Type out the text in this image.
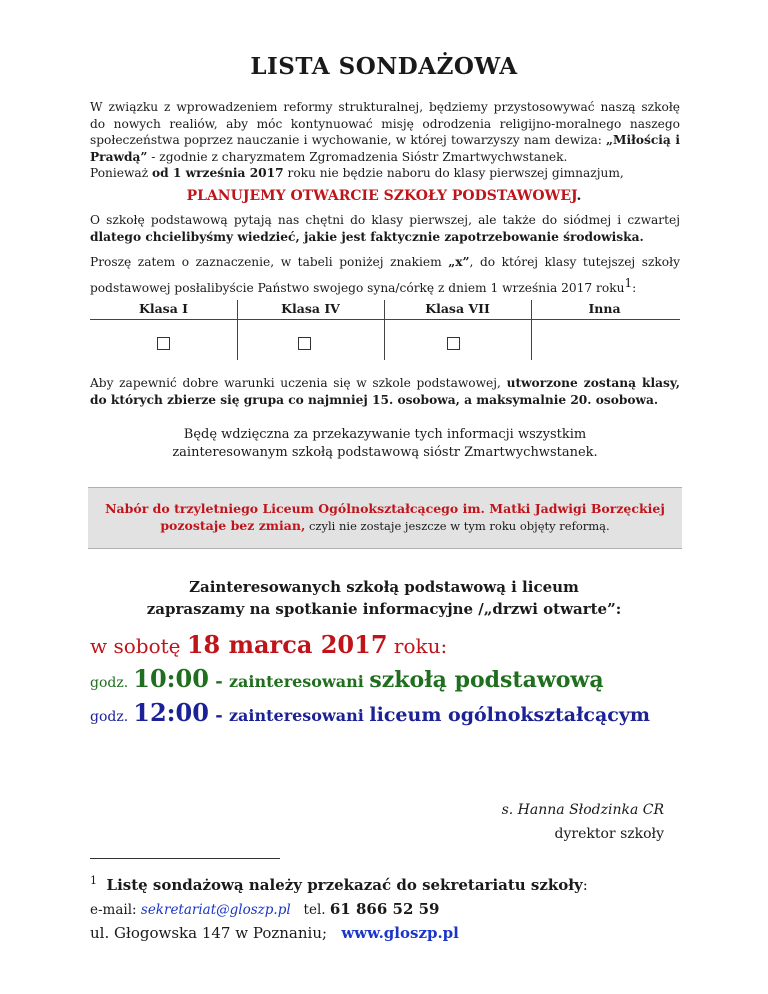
LISTA SONDAŻOWA
W związku z wprowadzeniem reformy strukturalnej, będziemy przystosowywać naszą szkołę do nowych realiów, aby móc kontynuować misję odrodzenia religijno-moralnego naszego społeczeństwa poprzez nauczanie i wychowanie, w której towarzyszy nam dewiza: „Miłością i Prawdą” - zgodnie z charyzmatem Zgromadzenia Sióstr Zmartwychwstanek.
Ponieważ od 1 września 2017 roku nie będzie naboru do klasy pierwszej gimnazjum,
PLANUJEMY OTWARCIE SZKOŁY PODSTAWOWEJ.
O szkołę podstawową pytają nas chętni do klasy pierwszej, ale także do siódmej i czwartej dlatego chcielibyśmy wiedzieć, jakie jest faktycznie zapotrzebowanie środowiska.
Proszę zatem o zaznaczenie, w tabeli poniżej znakiem „x”, do której klasy tutejszej szkoły podstawowej posłalibyście Państwo swojego syna/córkę z dniem 1 września 2017 roku$^1$:
Klasa I	Klasa IV	Klasa VII	Inna
Aby zapewnić dobre warunki uczenia się w szkole podstawowej, utworzone zostaną klasy, do których zbierze się grupa co najmniej 15. osobowa, a maksymalnie 20. osobowa.
Będę wdzięczna za przekazywanie tych informacji wszystkim
zainteresowanym szkołą podstawową sióstr Zmartwychwstanek.
Nabór do trzyletniego Liceum Ogólnokształcącego im. Matki Jadwigi Borzęckiej
pozostaje bez zmian, czyli nie zostaje jeszcze w tym roku objęty reformą.
Zainteresowanych szkołą podstawową i liceum
zapraszamy na spotkanie informacyjne /„drzwi otwarte”:
w sobotę 18 marca 2017 roku:
godz. 10:00 - zainteresowani szkołą podstawową
godz. 12:00 - zainteresowani liceum ogólnokształcącym
s. Hanna Słodzinka CR
dyrektor szkoły
$^1$ Listę sondażową należy przekazać do sekretariatu szkoły:
e-mail: sekretariat@gloszp.pl tel. 61 866 52 59
ul. Głogowska 147 w Poznaniu; www.gloszp.pl
